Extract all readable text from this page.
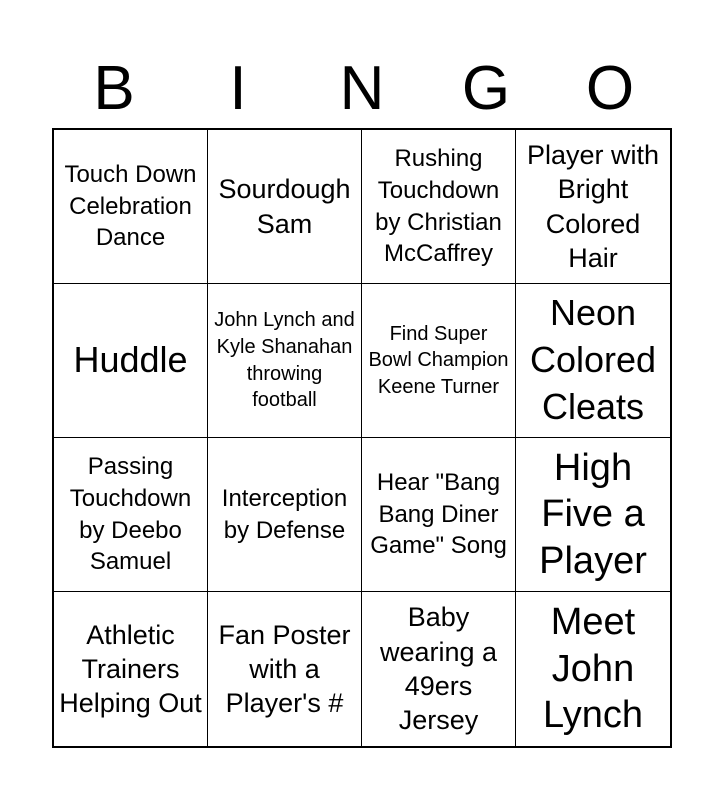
B	I	N	G	O
Touch Down Celebration Dance
Sourdough Sam
Rushing Touchdown by Christian McCaffrey
Player with Bright Colored Hair
Huddle
John Lynch and Kyle Shanahan throwing football
Find Super Bowl Champion Keene Turner
Neon Colored Cleats
Passing Touchdown by Deebo Samuel
Interception by Defense
Hear "Bang Bang Diner Game" Song
High Five a Player
Athletic Trainers Helping Out
Fan Poster with a Player's #
Baby wearing a 49ers Jersey
Meet John Lynch
